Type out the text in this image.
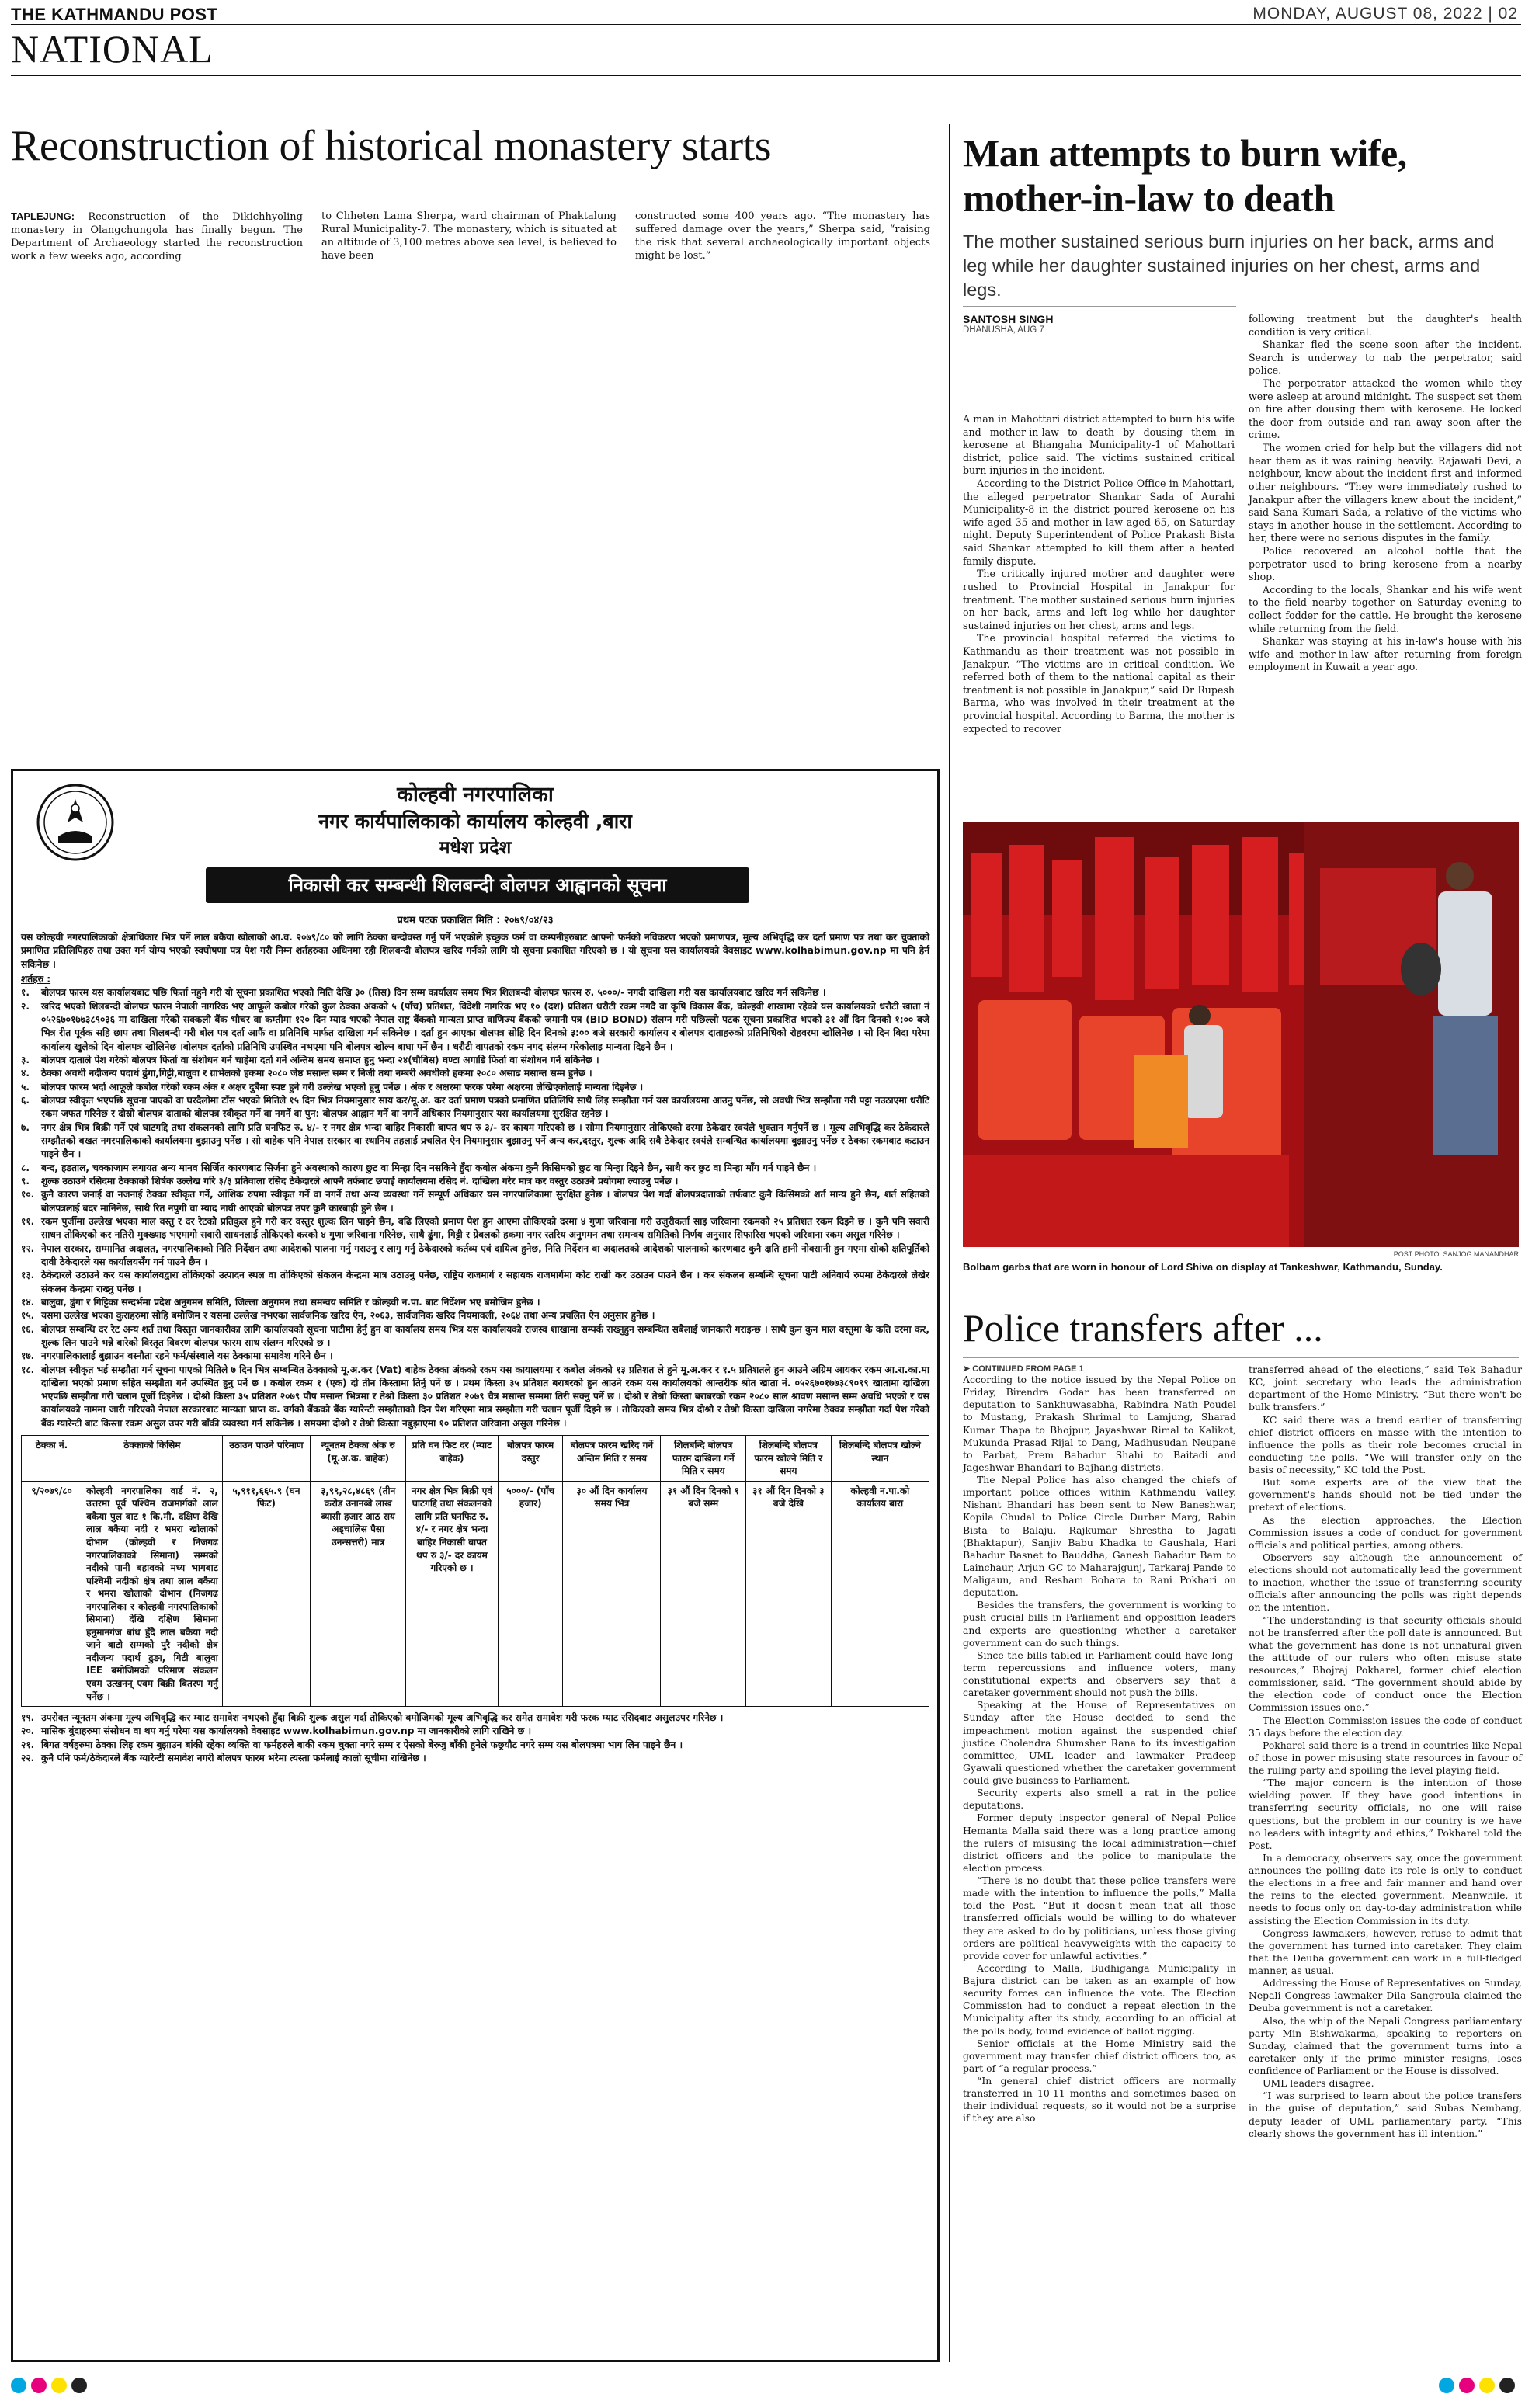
THE KATHMANDU POST	MONDAY, AUGUST 08, 2022 | 02
NATIONAL
Reconstruction of historical monastery starts
TAPLEJUNG: Reconstruction of the Dikichhyoling monastery in Olangchungola has finally begun. The Department of Archaeology started the reconstruction work a few weeks ago, according
to Chheten Lama Sherpa, ward chairman of Phaktalung Rural Municipality-7. The monastery, which is situated at an altitude of 3,100 metres above sea level, is believed to have been
constructed some 400 years ago. “The monastery has suffered damage over the years,” Sherpa said, “raising the risk that several archaeologically important objects might be lost.”
कोल्हवी नगरपालिका
नगर कार्यपालिकाको कार्यालय कोल्हवी ,बारा
मधेश प्रदेश
निकासी कर सम्बन्धी शिलबन्दी बोलपत्र आह्वानको सूचना
प्रथम पटक प्रकाशित मिति : २०७९/०४/२३
यस कोल्हवी नगरपालिकाको क्षेत्राधिकार भित्र पर्ने लाल बकैया खोलाको आ.व. २०७९/८० को लागि ठेक्का बन्दोवस्त गर्नु पर्ने भएकोले इच्छुक फर्म वा कम्पनीहरुबाट आफ्नो फर्मको नविकरण भएको प्रमाणपत्र, मूल्य अभिवृद्धि कर दर्ता प्रमाण पत्र तथा कर चुक्ताको प्रमाणित प्रतिलिपिहरु तथा उक्त गर्न योग्य भएको स्वघोषणा पत्र पेश गरी निम्न शर्तहरुका अधिनमा रही शिलबन्दी बोलपत्र खरिद गर्नको लागि यो सूचना प्रकाशित गरिएको छ । यो सूचना यस कार्यालयको वेवसाइट www.kolhabimun.gov.np मा पनि हेर्न सकिनेछ ।
शर्तहरु :
१.	बोलपत्र फारम यस कार्यालयबाट पछि फिर्ता नहुने गरी यो सूचना प्रकाशित भएको मिति देखि ३० (तिस) दिन सम्म कार्यालय समय भित्र शिलबन्दी बोलपत्र फारम रु. ५०००/- नगदी दाखिला गरी यस कार्यालयबाट खरिद गर्न सकिनेछ ।
२.	खरिद भएको शिलबन्दी बोलपत्र फारम नेपाली नागरिक भए आफूले कबोल गरेको कुल ठेक्का अंकको ५ (पाँच) प्रतिशत, विदेशी नागरिक भए १० (दश) प्रतिशत धरौटी रकम नगदै वा कृषि विकास बैंक, कोल्हवी शाखामा रहेको यस कार्यालयको धरौटी खाता नं ०५२६७०१७७३८९०३६ मा दाखिला गरेको सक्कली बैंक भौचर वा कम्तीमा १२० दिन म्याद भएको नेपाल राष्ट्र बैंकको मान्यता प्राप्त वाणिज्य बैंकको जमानी पत्र (BID BOND) संलग्न गरी पछिल्लो पटक सूचना प्रकाशित भएको ३१ औं दिन दिनको १:०० बजे भित्र रीत पूर्वक सहि छाप तथा शिलबन्दी गरी बोल पत्र दर्ता आफैं वा प्रतिनिधि मार्फत दाखिला गर्न सकिनेछ । दर्ता हुन आएका बोलपत्र सोहि दिन दिनको ३:०० बजे सरकारी कार्यालय र बोलपत्र दाताहरुको प्रतिनिधिको रोहवरमा खोलिनेछ । सो दिन बिदा परेमा कार्यालय खुलेको दिन बोलपत्र खोलिनेछ ।बोलपत्र दर्ताको प्रतिनिधि उपस्थित नभएमा पनि बोलपत्र खोल्न बाधा पर्ने छैन । धरौटी वापतको रकम नगद संलग्न गरेकोलाइ मान्यता दिइने छैन ।
३.	बोलपत्र दाताले पेश गरेको बोलपत्र फिर्ता वा संशोधन गर्न चाहेमा दर्ता गर्ने अन्तिम समय समाप्त हुनु भन्दा २४(चौबिस) घण्टा अगाडि फिर्ता वा संशोधन गर्न सकिनेछ ।
४.	ठेक्का अवधी नदीजन्य पदार्थ ढुंगा,गिट्टी,बालुवा र ग्राभेलको हकमा २०८० जेष्ठ मसान्त सम्म र निजी तथा नम्बरी अवधीको हकमा २०८० असाढ मसान्त सम्म हुनेछ ।
५.	बोलपत्र फारम भर्दा आफूले कबोल गरेको रकम अंक र अक्षर दुबैमा स्पष्ट हुने गरी उल्लेख भएको हुनु पर्नेछ । अंक र अक्षरमा फरक परेमा अक्षरमा लेखिएकोलाई मान्यता दिइनेछ ।
६.	बोलपत्र स्वीकृत भएपछि सूचना पाएको वा घरदैलोमा टाँस भएको मितिले १५ दिन भित्र नियमानुसार साय कर/मू.अ. कर दर्ता प्रमाण पत्रको प्रमाणित प्रतिलिपि साथै लिइ सम्झौता गर्न यस कार्यालयमा आउनु पर्नेछ, सो अवधी भित्र सम्झौता गरी पट्टा नउठाएमा धरौटि रकम जफत गरिनेछ र दोस्रो बोलपत्र दाताको बोलपत्र स्वीकृत गर्ने वा नगर्ने वा पुन: बोलपत्र आह्वान गर्ने वा नगर्ने अधिकार नियमानुसार यस कार्यालयमा सुरक्षित रहनेछ ।
७.	नगर क्षेत्र भित्र बिक्री गर्ने एवं घाटगद्दि तथा संकलनको लागि प्रति घनफिट रु. ४/- र नगर क्षेत्र भन्दा बाहिर निकासी बापत थप रु ३/- दर कायम गरिएको छ । सोमा नियमानुसार तोकिएको दरमा ठेकेदार स्वयंले भुक्तान गर्नुपर्ने छ । मूल्य अभिवृद्धि कर ठेकेदारले सम्झौतको बखत नगरपालिकाको कार्यालयमा बुझाउनु पर्नेछ । सो बाहेक पनि नेपाल सरकार वा स्थानिय तहलाई प्रचलित ऐन नियमानुसार बुझाउनु पर्ने अन्य कर,दस्तुर, शुल्क आदि सबै ठेकेदार स्वयंले सम्बन्धित कार्यालयमा बुझाउनु पर्नेछ र ठेक्का रकमबाट कटाउन पाइने छैन ।
८.	बन्द, हडताल, चक्काजाम लगायत अन्य मानव सिर्जित कारणबाट सिर्जना हुने अवस्थाको कारण छुट वा मिन्हा दिन नसकिने हुँदा कबोल अंकमा कुनै किसिमको छुट वा मिन्हा दिइने छैन, साथै कर छुट वा मिन्हा माँग गर्न पाइने छैन ।
९.	शुल्क उठाउने रसिदमा ठेक्काको शिर्षक उल्लेख गरि ३/३ प्रतिवाला रसिद ठेकेदारले आफ्नै तर्फबाट छपाई कार्यालयमा रसिद नं. दाखिला गरेर मात्र कर वस्तुर उठाउने प्रयोगमा ल्याउनु पर्नेछ ।
१०. कुनै कारण जनाई वा नजनाई ठेक्का स्वीकृत गर्ने, आंशिक रुपमा स्वीकृत गर्ने वा नगर्ने तथा अन्य व्यवस्था गर्ने सम्पूर्ण अधिकार यस नगरपालिकामा सुरक्षित हुनेछ । बोलपत्र पेश गर्दा बोलपत्रदाताको तर्फबाट कुनै किसिमको शर्त मान्य हुने छैन, शर्त सहितको बोलपत्रलाई बदर मानिनेछ, साथै रित नपुगी वा म्याद नाघी आएको बोलपत्र उपर कुनै कारबाही हुने छैन ।
११. रकम पुर्जीमा उल्लेख भएका माल वस्तु र दर रेटको प्रतिकुल हुने गरी कर वस्तुर शुल्क लिन पाइने छैन, बढि लिएको प्रमाण पेश हुन आएमा तोकिएको दरमा ४ गुणा जरिवाना गरी उजुरीकर्ता साइ जरिवाना रकमको २५ प्रतिशत रकम दिइने छ । कुनै पनि सवारी साधन तोकिएको कर नतिरी मुक्ख्याइ भएमागो सवारी साधनलाई तोकिएको करको ४ गुणा जरिवाना गरिनेछ, साथै ढुंगा, गिट्टी र ग्रेबलको हकमा नगर स्तरिय अनुगमन तथा समन्वय समितिको निर्णय अनुसार सिफारिस भएको जरिवाना रकम असुल गरिनेछ ।
१२. नेपाल सरकार, सम्मानित अदालत, नगरपालिकाको निति निर्देशन तथा आदेशको पालना गर्नु गराउनु र लागु गर्नु ठेकेदारको कर्तव्य एवं दायित्व हुनेछ, निति निर्देशन वा अदालतको आदेशको पालनाको कारणबाट कुनै क्षति हानी नोक्सानी हुन गएमा सोको क्षतिपूर्तिको दावी ठेकेदारले यस कार्यालयसँग गर्न पाउने छैन ।
१३. ठेकेदारले उठाउने कर यस कार्यालयद्वारा तोकिएको उत्पादन स्थल वा तोकिएको संकलन केन्द्रमा मात्र उठाउनु पर्नेछ, राष्ट्रिय राजमार्ग र सहायक राजमार्गमा कोट राखी कर उठाउन पाउने छैन । कर संकलन सम्बन्धि सूचना पाटी अनिवार्य रुपमा ठेकेदारले लेखेर संकलन केन्द्रमा राख्नु पर्नेछ ।
१४. बालुवा, ढुंगा र गिट्टिका सन्दर्भमा प्रदेश अनुगमन समिति, जिल्ला अनुगमन तथा समन्वय समिति र कोल्हवी न.पा. बाट निर्देशन भए बमोजिम हुनेछ ।
१५. यसमा उल्लेख भएका कुराहरुमा सोहि बमोजिम र यसमा उल्लेख नभएका सार्वजनिक खरिद ऐन, २०६३, सार्वजनिक खरिद नियमावली, २०६४ तथा अन्य प्रचलित ऐन अनुसार हुनेछ ।
१६. बोलपत्र सम्बन्धि दर रेट अन्य शर्त तथा विस्तृत जानकारीका लागि कार्यालयको सूचना पाटीमा हेर्नु हुन वा कार्यालय समय भित्र यस कार्यालयको राजस्व शाखामा सम्पर्क राख्नुहुन सम्बन्धित सबैलाई जानकारी गराइन्छ । साथै कुन कुन माल वस्तुमा के कति दरमा कर, शुल्क लिन पाउने भन्ने बारेको विस्तृत विवरण बोलपत्र फारम साथ संलग्न गरिएको छ ।
१७. नगरपालिकालाई बुझाउन बस्नौता रहने फर्म/संस्थाले यस ठेक्कामा समावेश गरिने छैन ।
१८. बोलपत्र स्वीकृत भई सम्झौता गर्न सूचना पाएको मितिले ७ दिन भित्र सम्बन्धित ठेक्काको मू.अ.कर (Vat) बाहेक ठेक्का अंकको रकम यस कायालयमा र कबोल अंकको १३ प्रतिशत ले हुने मू.अ.कर र १.५ प्रतिशतले हुन आउने अग्रिम आयकर रकम आ.रा.का.मा दाखिला भएको प्रमाण सहित सम्झौता गर्न उपस्थित हुनु पर्ने छ । कबोल रकम १ (एक) दो तीन किस्तामा तिर्नु पर्ने छ । प्रथम किस्ता ३५ प्रतिशत बराबरको हुन आउने रकम यस कार्यालयको आन्तरीक श्रोत खाता नं. ०५२६७०१७७३८९०९९ खातामा दाखिला भएपछि सम्झौता गरी चलान पूर्जी दिइनेछ । दोश्रो किस्ता ३५ प्रतिशत २०७९ पौष मसान्त भित्रमा र तेश्रो किस्ता ३० प्रतिशत २०७९ चैत्र मसान्त सम्ममा तिरी सक्नु पर्ने छ । दोश्रो र तेश्रो किस्ता बराबरको रकम २०८० साल श्रावण मसान्त सम्म अवधि भएको र यस कार्यालयको नाममा जारी गरिएको नेपाल सरकारबाट मान्यता प्राप्त क. वर्गको बैंकको बैंक ग्यारेन्टी सम्झौताको दिन पेश गरिएमा मात्र सम्झौता गरी चलान पूर्जी दिइने छ । तोकिएको समय भित्र दोश्रो र तेश्रो किस्ता दाखिला नगरेमा ठेक्का सम्झौता गर्दा पेश गरेको बैंक ग्यारेन्टी बाट किस्ता रकम असुल उपर गरी बाँकी व्यवस्था गर्न सकिनेछ । समयमा दोश्रो र तेश्रो किस्ता नबुझाएमा १० प्रतिशत जरिवाना असुल गरिनेछ ।
ठेक्का नं.	ठेक्काको किसिम	उठाउन पाउने परिमाण	न्यूनतम ठेक्का अंक रु (मू.अ.क. बाहेक)	प्रति घन फिट दर (म्याट बाहेक)	बोलपत्र फारम दस्तुर	बोलपत्र फारम खरिद गर्ने अन्तिम मिति र समय	शिलबन्दि बोलपत्र फारम दाखिला गर्ने मिति र समय	शिलबन्दि बोलपत्र फारम खोल्ने मिति र समय	शिलबन्दि बोलपत्र खोल्ने स्थान
९/२०७९/८०	कोल्हवी नगरपालिका वार्ड नं. २, उत्तरमा पूर्व पश्चिम राजमार्गको लाल बकैया पुल बाट १ कि.मी. दक्षिण देखि लाल बकैया नदी र भमरा खोलाको दोभान (कोल्हवी र निजगढ नगरपालिकाको सिमाना) सम्मको नदीको पानी बहावको मध्य भागबाट पश्चिमी नदीको क्षेत्र तथा लाल बकैया र भमरा खोलाको दोभान (निजगढ नगरपालिका र कोल्हवी नगरपालिकाको सिमाना) देखि दक्षिण सिमाना हनुमानगंज बांध हुँदै लाल बकैया नदी जाने बाटो सम्मको पुरै नदीको क्षेत्र नदीजन्य पदार्थ ढुङा, गिटी बालुवा IEE बमोजिमको परिमाण संकलन एवम उत्खनन् एवम बिक्री बितरण गर्नु पर्नेछ ।	५,९११,६६५.९ (घन फिट)	३,९९,२८,४८६९ (तीन करोड उनानब्बे लाख ब्यासी हजार आठ सय अड्चालिस पैसा उनन्सत्तरी) मात्र	नगर क्षेत्र भित्र बिक्री एवं घाटगद्दि तथा संकलनको लागि प्रति घनफिट रु. ४/- र नगर क्षेत्र भन्दा बाहिर निकासी बापत थप रु ३/- दर कायम गरिएको छ ।	५०००/- (पाँच हजार)	३० औं दिन कार्यालय समय भित्र	३१ औं दिन दिनको १ बजे सम्म	३१ औं दिन दिनको ३ बजे देखि	कोल्हवी न.पा.को कार्यालय बारा
१९. उपरोक्त न्यूनतम अंकमा मूल्य अभिवृद्धि कर म्याट समावेश नभएको हुँदा बिक्री शुल्क असुल गर्दा तोकिएको बमोजिमको मूल्य अभिवृद्धि कर समेत समावेश गरी फरक म्याट रसिदबाट असुलउपर गरिनेछ ।
२०. मासिक बुंदाहरुमा संसोधन वा थप गर्नु परेमा यस कार्यालयको वेवसाइट www.kolhabimun.gov.np मा जानकारीको लागि राखिने छ ।
२१. बिगत वर्षहरुमा ठेक्का लिइ रकम बुझाउन बांकी रहेका व्यक्ति वा फर्महरुले बाकी रकम चुक्ता नगरे सम्म र ऐसको बेरुजु बाँकी हुनेले फछ्र्यौट नगरे सम्म यस बोलपत्रमा भाग लिन पाइने छैन ।
२२. कुनै पनि फर्म/ठेकेदारले बैंक ग्यारेन्टी समावेश नगरी बोलपत्र फारम भरेमा त्यस्ता फर्मलाई कालो सूचीमा राखिनेछ ।
Man attempts to burn wife, mother-in-law to death
The mother sustained serious burn injuries on her back, arms and leg while her daughter sustained injuries on her chest, arms and legs.
SANTOSH SINGH
DHANUSHA, AUG 7

A man in Mahottari district attempted to burn his wife and mother-in-law to death by dousing them in kerosene at Bhangaha Municipality-1 of Mahottari district, police said. The victims sustained critical burn injuries in the incident.

According to the District Police Office in Mahottari, the alleged perpetrator Shankar Sada of Aurahi Municipality-8 in the district poured kerosene on his wife aged 35 and mother-in-law aged 65, on Saturday night. Deputy Superintendent of Police Prakash Bista said Shankar attempted to kill them after a heated family dispute.

The critically injured mother and daughter were rushed to Provincial Hospital in Janakpur for treatment. The mother sustained serious burn injuries on her back, arms and left leg while her daughter sustained injuries on her chest, arms and legs.

The provincial hospital referred the victims to Kathmandu as their treatment was not possible in Janakpur. “The victims are in critical condition. We referred both of them to the national capital as their treatment is not possible in Janakpur,” said Dr Rupesh Barma, who was involved in their treatment at the provincial hospital. According to Barma, the mother is expected to recover

following treatment but the daughter's health condition is very critical.

Shankar fled the scene soon after the incident. Search is underway to nab the perpetrator, said police.

The perpetrator attacked the women while they were asleep at around midnight. The suspect set them on fire after dousing them with kerosene. He locked the door from outside and ran away soon after the crime.

The women cried for help but the villagers did not hear them as it was raining heavily. Rajawati Devi, a neighbour, knew about the incident first and informed other neighbours. “They were immediately rushed to Janakpur after the villagers knew about the incident,” said Sana Kumari Sada, a relative of the victims who stays in another house in the settlement. According to her, there were no serious disputes in the family.

Police recovered an alcohol bottle that the perpetrator used to bring kerosene from a nearby shop.

According to the locals, Shankar and his wife went to the field nearby together on Saturday evening to collect fodder for the cattle. He brought the kerosene while returning from the field.

Shankar was staying at his in-law's house with his wife and mother-in-law after returning from foreign employment in Kuwait a year ago.

POST PHOTO: SANJOG MANANDHAR
Bolbam garbs that are worn in honour of Lord Shiva on display at Tankeshwar, Kathmandu, Sunday.
Police transfers after ...
➤ CONTINUED FROM PAGE 1

According to the notice issued by the Nepal Police on Friday, Birendra Godar has been transferred on deputation to Sankhuwasabha, Rabindra Nath Poudel to Mustang, Prakash Shrimal to Lamjung, Sharad Kumar Thapa to Bhojpur, Jayashwar Rimal to Kalikot, Mukunda Prasad Rijal to Dang, Madhusudan Neupane to Parbat, Prem Bahadur Shahi to Baitadi and Jageshwar Bhandari to Bajhang districts.

The Nepal Police has also changed the chiefs of important police offices within Kathmandu Valley. Nishant Bhandari has been sent to New Baneshwar, Kopila Chudal to Police Circle Durbar Marg, Rabin Bista to Balaju, Rajkumar Shrestha to Jagati (Bhaktapur), Sanjiv Babu Khadka to Gaushala, Hari Bahadur Basnet to Bauddha, Ganesh Bahadur Bam to Lainchaur, Arjun GC to Maharajgunj, Tarkaraj Pande to Maligaun, and Resham Bohara to Rani Pokhari on deputation.

Besides the transfers, the government is working to push crucial bills in Parliament and opposition leaders and experts are questioning whether a caretaker government can do such things.

Since the bills tabled in Parliament could have long-term repercussions and influence voters, many constitutional experts and observers say that a caretaker government should not push the bills.

Speaking at the House of Representatives on Sunday after the House decided to send the impeachment motion against the suspended chief justice Cholendra Shumsher Rana to its investigation committee, UML leader and lawmaker Pradeep Gyawali questioned whether the caretaker government could give business to Parliament.

Security experts also smell a rat in the police deputations.

Former deputy inspector general of Nepal Police Hemanta Malla said there was a long practice among the rulers of misusing the local administration—chief district officers and the police to manipulate the election process.

“There is no doubt that these police transfers were made with the intention to influence the polls,” Malla told the Post. “But it doesn't mean that all those transferred officials would be willing to do whatever they are asked to do by politicians, unless those giving orders are political heavyweights with the capacity to provide cover for unlawful activities.”

According to Malla, Budhiganga Municipality in Bajura district can be taken as an example of how security forces can influence the vote. The Election Commission had to conduct a repeat election in the Municipality after its study, according to an official at the polls body, found evidence of ballot rigging.

Senior officials at the Home Ministry said the government may transfer chief district officers too, as part of “a regular process.”

“In general chief district officers are normally transferred in 10-11 months and sometimes based on their individual requests, so it would not be a surprise if they are also

transferred ahead of the elections,” said Tek Bahadur KC, joint secretary who leads the administration department of the Home Ministry. “But there won't be bulk transfers.”

KC said there was a trend earlier of transferring chief district officers en masse with the intention to influence the polls as their role becomes crucial in conducting the polls. “We will transfer only on the basis of necessity,” KC told the Post.

But some experts are of the view that the government's hands should not be tied under the pretext of elections.

As the election approaches, the Election Commission issues a code of conduct for government officials and political parties, among others.

Observers say although the announcement of elections should not automatically lead the government to inaction, whether the issue of transferring security officials after announcing the polls was right depends on the intention.

“The understanding is that security officials should not be transferred after the poll date is announced. But what the government has done is not unnatural given the attitude of our rulers who often misuse state resources,” Bhojraj Pokharel, former chief election commissioner, said. “The government should abide by the election code of conduct once the Election Commission issues one.”

The Election Commission issues the code of conduct 35 days before the election day.

Pokharel said there is a trend in countries like Nepal of those in power misusing state resources in favour of the ruling party and spoiling the level playing field.

“The major concern is the intention of those wielding power. If they have good intentions in transferring security officials, no one will raise questions, but the problem in our country is we have no leaders with integrity and ethics,” Pokharel told the Post.

In a democracy, observers say, once the government announces the polling date its role is only to conduct the elections in a free and fair manner and hand over the reins to the elected government. Meanwhile, it needs to focus only on day-to-day administration while assisting the Election Commission in its duty.

Congress lawmakers, however, refuse to admit that the government has turned into caretaker. They claim that the Deuba government can work in a full-fledged manner, as usual.

Addressing the House of Representatives on Sunday, Nepali Congress lawmaker Dila Sangroula claimed the Deuba government is not a caretaker.

Also, the whip of the Nepali Congress parliamentary party Min Bishwakarma, speaking to reporters on Sunday, claimed that the government turns into a caretaker only if the prime minister resigns, loses confidence of Parliament or the House is dissolved.

UML leaders disagree.

“I was surprised to learn about the police transfers in the guise of deputation,” said Subas Nembang, deputy leader of UML parliamentary party. “This clearly shows the government has ill intention.”
